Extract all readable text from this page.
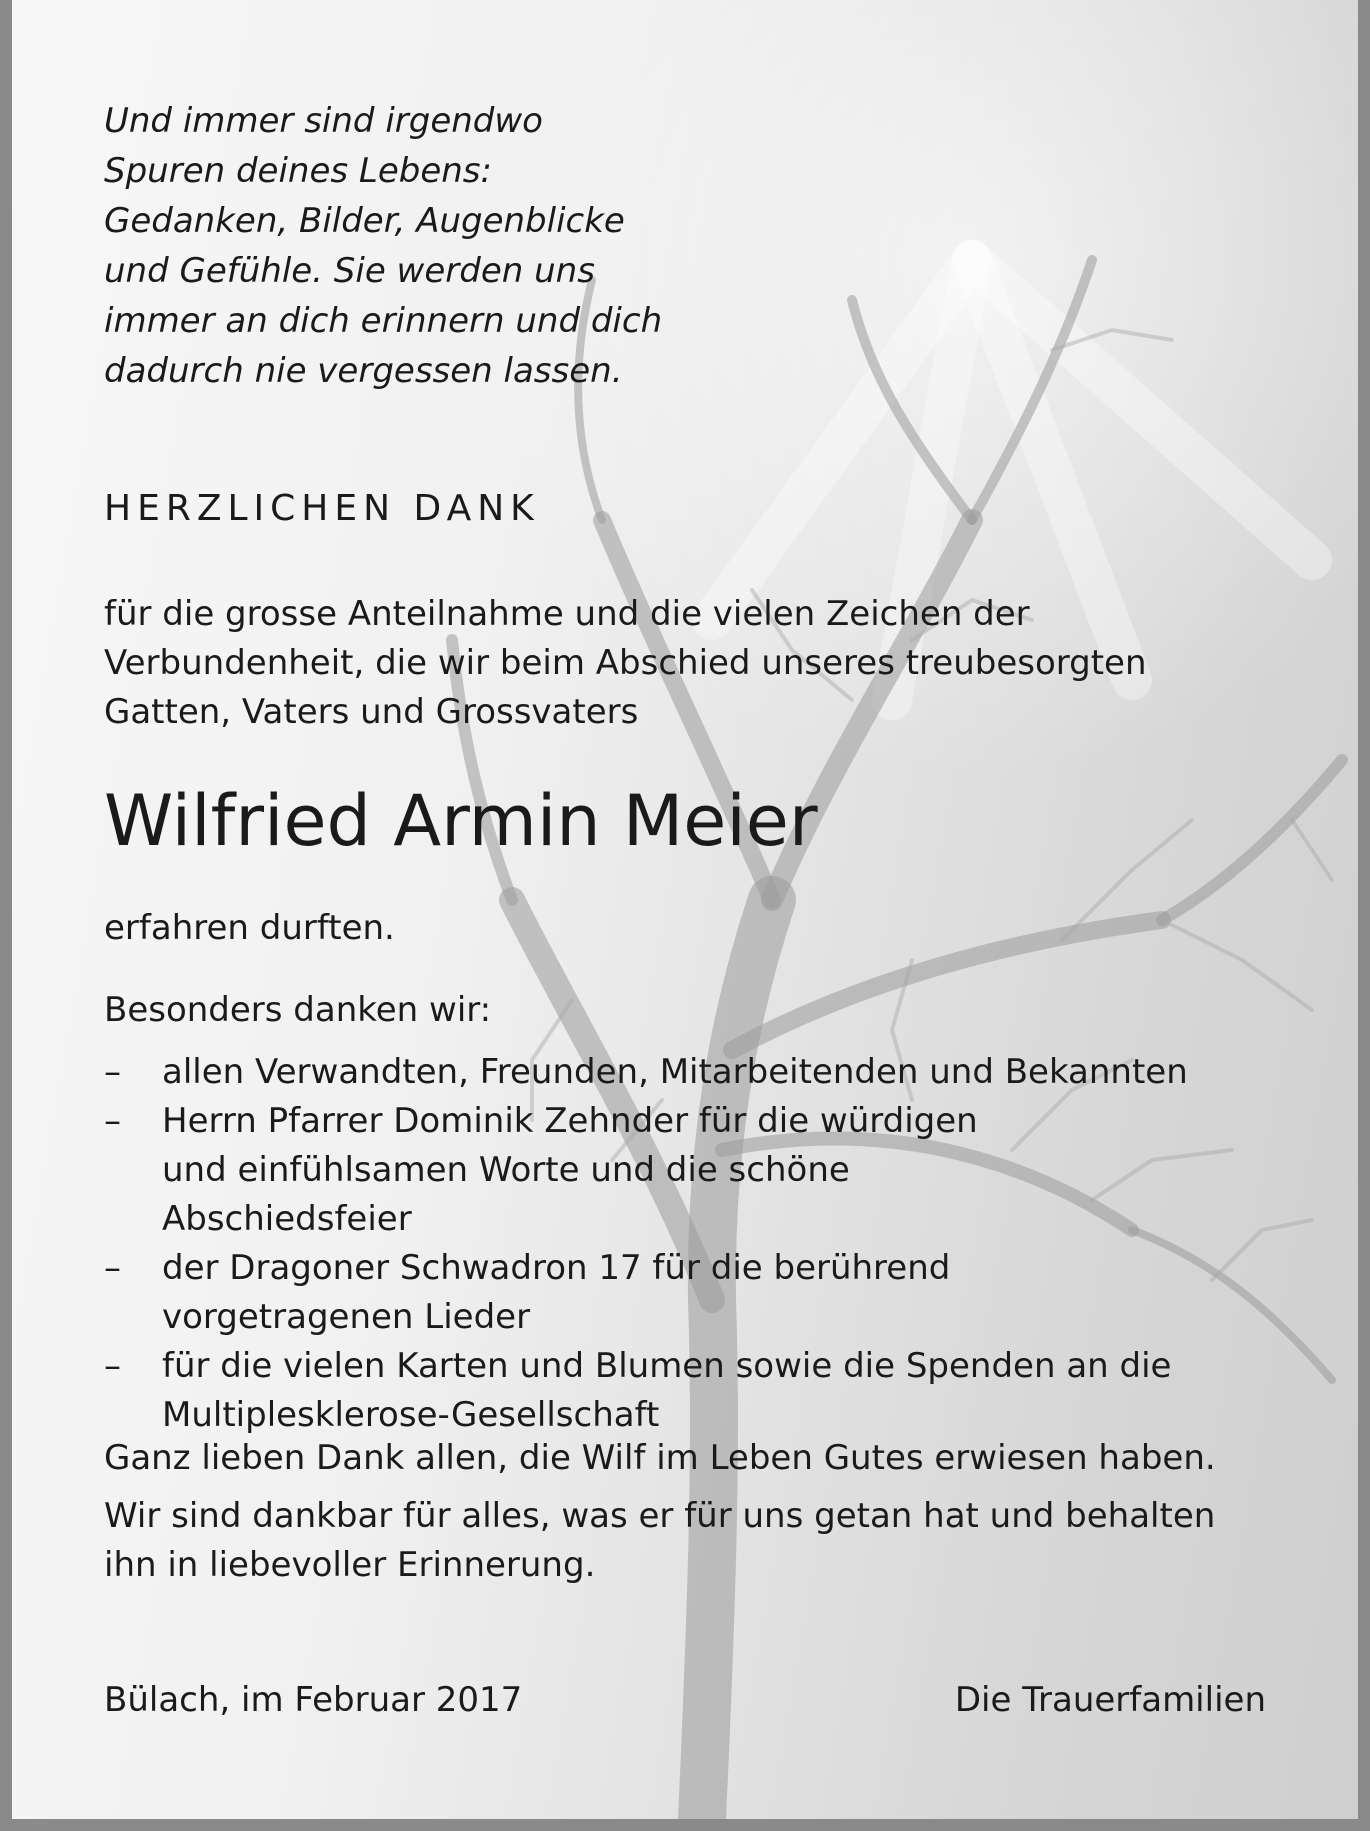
Und immer sind irgendwo
Spuren deines Lebens:
Gedanken, Bilder, Augenblicke
und Gefühle. Sie werden uns
immer an dich erinnern und dich
dadurch nie vergessen lassen.
HERZLICHEN DANK
für die grosse Anteilnahme und die vielen Zeichen der
Verbundenheit, die wir beim Abschied unseres treubesorgten
Gatten, Vaters und Grossvaters
Wilfried Armin Meier
erfahren durften.
Besonders danken wir:
– allen Verwandten, Freunden, Mitarbeitenden und Bekannten
– Herrn Pfarrer Dominik Zehnder für die würdigen und einfühlsamen Worte und die schöne Abschiedsfeier
– der Dragoner Schwadron 17 für die berührend vorgetragenen Lieder
– für die vielen Karten und Blumen sowie die Spenden an die Multiplesklerose-Gesellschaft
Ganz lieben Dank allen, die Wilf im Leben Gutes erwiesen haben.
Wir sind dankbar für alles, was er für uns getan hat und behalten
ihn in liebevoller Erinnerung.
Bülach, im Februar 2017	Die Trauerfamilien
